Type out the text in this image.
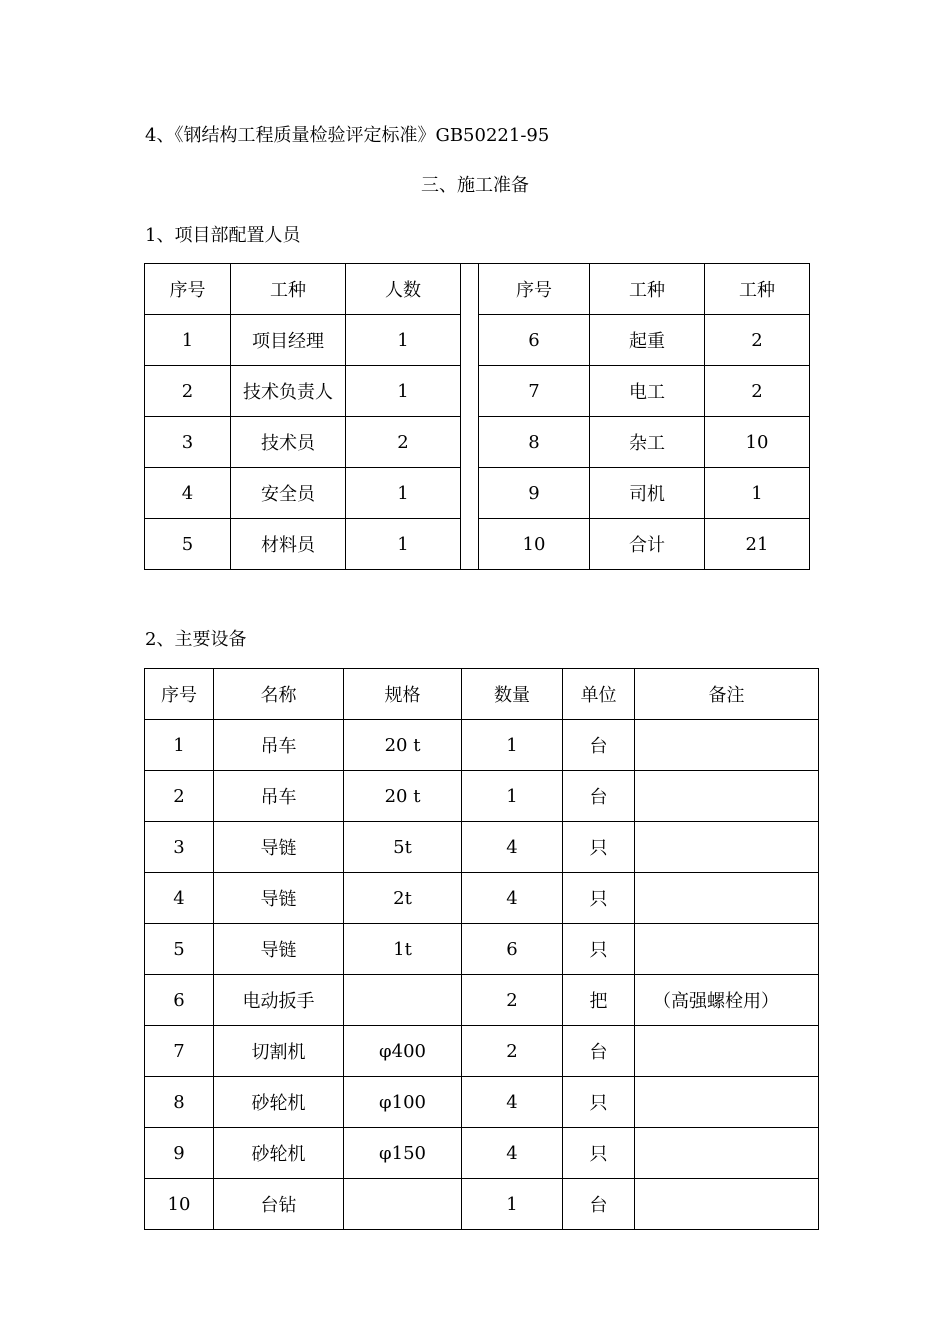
4、《钢结构工程质量检验评定标准》GB50221-95
三、施工准备
1、项目部配置人员
序号	工种	人数		序号	工种	工种
1	项目经理	1		6	起重	2
2	技术负责人	1		7	电工	2
3	技术员	2		8	杂工	10
4	安全员	1		9	司机	1
5	材料员	1		10	合计	21
2、主要设备
序号	名称	规格	数量	单位	备注
1	吊车	20 t	1	台	
2	吊车	20 t	1	台	
3	导链	5t	4	只	
4	导链	2t	4	只	
5	导链	1t	6	只	
6	电动扳手		2	把	（高强螺栓用）
7	切割机	φ400	2	台	
8	砂轮机	φ100	4	只	
9	砂轮机	φ150	4	只	
10	台钻		1	台	
